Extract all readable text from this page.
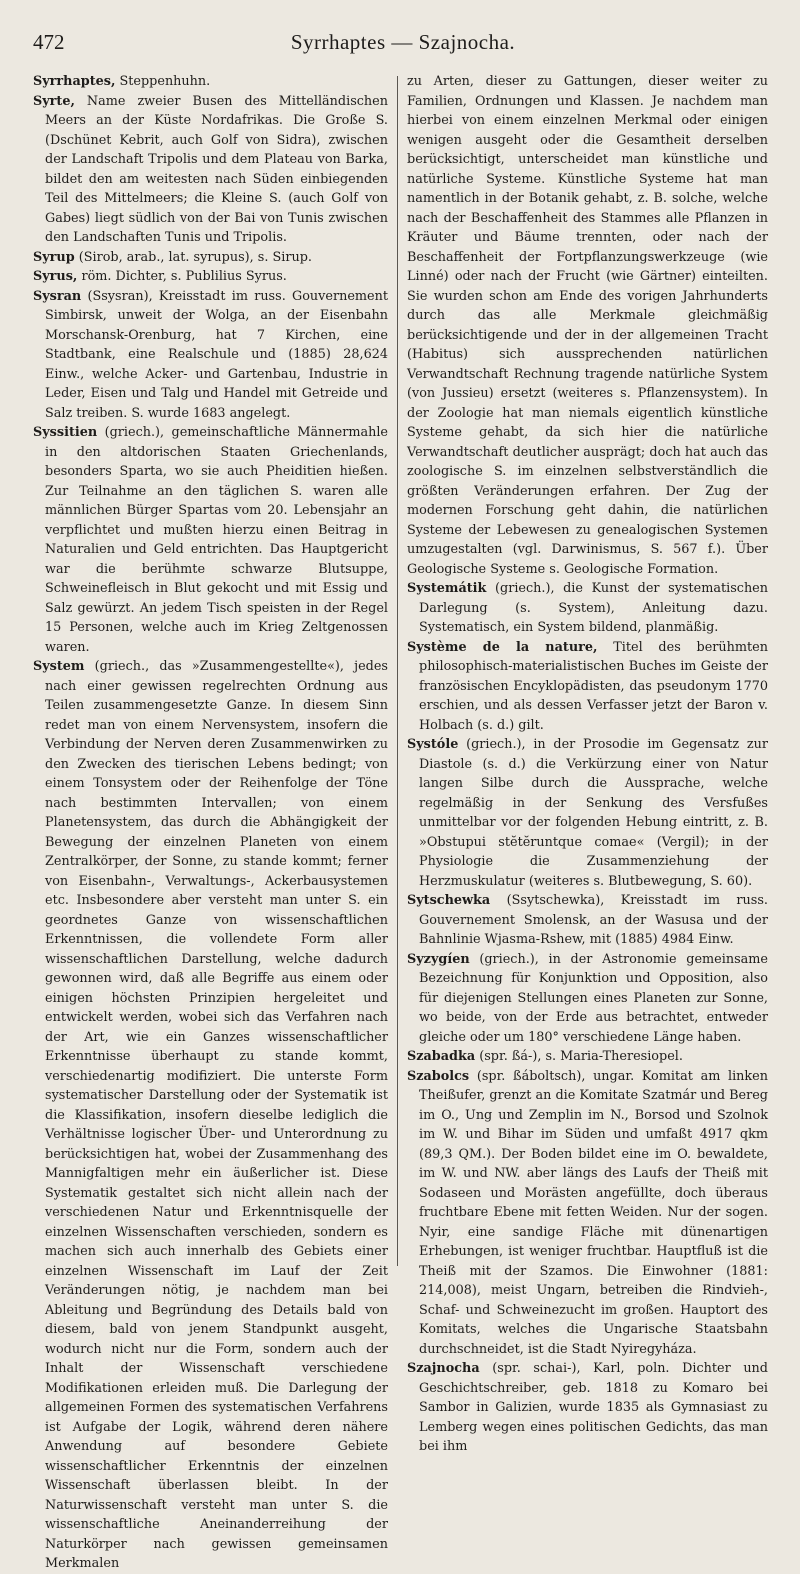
472	Syrrhaptes — Szajnocha.

Syrrhaptes, Steppenhuhn.

Syrte, Name zweier Busen des Mittelländischen Meers an der Küste Nordafrikas. Die Große S. (Dschünet Kebrit, auch Golf von Sidra), zwischen der Landschaft Tripolis und dem Plateau von Barka, bildet den am weitesten nach Süden einbiegenden Teil des Mittelmeers; die Kleine S. (auch Golf von Gabes) liegt südlich von der Bai von Tunis zwischen den Landschaften Tunis und Tripolis.

Syrup (Sirob, arab., lat. syrupus), s. Sirup.

Syrus, röm. Dichter, s. Publilius Syrus.

Sysran (Ssysran), Kreisstadt im russ. Gouvernement Simbirsk, unweit der Wolga, an der Eisenbahn Morschansk-Orenburg, hat 7 Kirchen, eine Stadtbank, eine Realschule und (1885) 28,624 Einw., welche Acker- und Gartenbau, Industrie in Leder, Eisen und Talg und Handel mit Getreide und Salz treiben. S. wurde 1683 angelegt.

Syssitien (griech.), gemeinschaftliche Männermahle in den altdorischen Staaten Griechenlands, besonders Sparta, wo sie auch Pheiditien hießen. Zur Teilnahme an den täglichen S. waren alle männlichen Bürger Spartas vom 20. Lebensjahr an verpflichtet und mußten hierzu einen Beitrag in Naturalien und Geld entrichten. Das Hauptgericht war die berühmte schwarze Blutsuppe, Schweinefleisch in Blut gekocht und mit Essig und Salz gewürzt. An jedem Tisch speisten in der Regel 15 Personen, welche auch im Krieg Zeltgenossen waren.

System (griech., das »Zusammengestellte«), jedes nach einer gewissen regelrechten Ordnung aus Teilen zusammengesetzte Ganze. In diesem Sinn redet man von einem Nervensystem, insofern die Verbindung der Nerven deren Zusammenwirken zu den Zwecken des tierischen Lebens bedingt; von einem Tonsystem oder der Reihenfolge der Töne nach bestimmten Intervallen; von einem Planetensystem, das durch die Abhängigkeit der Bewegung der einzelnen Planeten von einem Zentralkörper, der Sonne, zu stande kommt; ferner von Eisenbahn-, Verwaltungs-, Ackerbausystemen etc. Insbesondere aber versteht man unter S. ein geordnetes Ganze von wissenschaftlichen Erkenntnissen, die vollendete Form aller wissenschaftlichen Darstellung, welche dadurch gewonnen wird, daß alle Begriffe aus einem oder einigen höchsten Prinzipien hergeleitet und entwickelt werden, wobei sich das Verfahren nach der Art, wie ein Ganzes wissenschaftlicher Erkenntnisse überhaupt zu stande kommt, verschiedenartig modifiziert. Die unterste Form systematischer Darstellung oder der Systematik ist die Klassifikation, insofern dieselbe lediglich die Verhältnisse logischer Über- und Unterordnung zu berücksichtigen hat, wobei der Zusammenhang des Mannigfaltigen mehr ein äußerlicher ist. Diese Systematik gestaltet sich nicht allein nach der verschiedenen Natur und Erkenntnisquelle der einzelnen Wissenschaften verschieden, sondern es machen sich auch innerhalb des Gebiets einer einzelnen Wissenschaft im Lauf der Zeit Veränderungen nötig, je nachdem man bei Ableitung und Begründung des Details bald von diesem, bald von jenem Standpunkt ausgeht, wodurch nicht nur die Form, sondern auch der Inhalt der Wissenschaft verschiedene Modifikationen erleiden muß. Die Darlegung der allgemeinen Formen des systematischen Verfahrens ist Aufgabe der Logik, während deren nähere Anwendung auf besondere Gebiete wissenschaftlicher Erkenntnis der einzelnen Wissenschaft überlassen bleibt. In der Naturwissenschaft versteht man unter S. die wissenschaftliche Aneinanderreihung der Naturkörper nach gewissen gemeinsamen Merkmalen

zu Arten, dieser zu Gattungen, dieser weiter zu Familien, Ordnungen und Klassen. Je nachdem man hierbei von einem einzelnen Merkmal oder einigen wenigen ausgeht oder die Gesamtheit derselben berücksichtigt, unterscheidet man künstliche und natürliche Systeme. Künstliche Systeme hat man namentlich in der Botanik gehabt, z. B. solche, welche nach der Beschaffenheit des Stammes alle Pflanzen in Kräuter und Bäume trennten, oder nach der Beschaffenheit der Fortpflanzungswerkzeuge (wie Linné) oder nach der Frucht (wie Gärtner) einteilten. Sie wurden schon am Ende des vorigen Jahrhunderts durch das alle Merkmale gleichmäßig berücksichtigende und der in der allgemeinen Tracht (Habitus) sich aussprechenden natürlichen Verwandtschaft Rechnung tragende natürliche System (von Jussieu) ersetzt (weiteres s. Pflanzensystem). In der Zoologie hat man niemals eigentlich künstliche Systeme gehabt, da sich hier die natürliche Verwandtschaft deutlicher ausprägt; doch hat auch das zoologische S. im einzelnen selbstverständlich die größten Veränderungen erfahren. Der Zug der modernen Forschung geht dahin, die natürlichen Systeme der Lebewesen zu genealogischen Systemen umzugestalten (vgl. Darwinismus, S. 567 f.). Über Geologische Systeme s. Geologische Formation.

Systemátik (griech.), die Kunst der systematischen Darlegung (s. System), Anleitung dazu. Systematisch, ein System bildend, planmäßig.

Système de la nature, Titel des berühmten philosophisch-materialistischen Buches im Geiste der französischen Encyklopädisten, das pseudonym 1770 erschien, und als dessen Verfasser jetzt der Baron v. Holbach (s. d.) gilt.

Systóle (griech.), in der Prosodie im Gegensatz zur Diastole (s. d.) die Verkürzung einer von Natur langen Silbe durch die Aussprache, welche regelmäßig in der Senkung des Versfußes unmittelbar vor der folgenden Hebung eintritt, z. B. »Obstupui stĕtĕruntque comae« (Vergil); in der Physiologie die Zusammenziehung der Herzmuskulatur (weiteres s. Blutbewegung, S. 60).

Sytschewka (Ssytschewka), Kreisstadt im russ. Gouvernement Smolensk, an der Wasusa und der Bahnlinie Wjasma-Rshew, mit (1885) 4984 Einw.

Syzygíen (griech.), in der Astronomie gemeinsame Bezeichnung für Konjunktion und Opposition, also für diejenigen Stellungen eines Planeten zur Sonne, wo beide, von der Erde aus betrachtet, entweder gleiche oder um 180° verschiedene Länge haben.

Szabadka (spr. ßá-), s. Maria-Theresiopel.

Szabolcs (spr. ßáboltsch), ungar. Komitat am linken Theißufer, grenzt an die Komitate Szatmár und Bereg im O., Ung und Zemplin im N., Borsod und Szolnok im W. und Bihar im Süden und umfaßt 4917 qkm (89,3 QM.). Der Boden bildet eine im O. bewaldete, im W. und NW. aber längs des Laufs der Theiß mit Sodaseen und Morästen angefüllte, doch überaus fruchtbare Ebene mit fetten Weiden. Nur der sogen. Nyir, eine sandige Fläche mit dünenartigen Erhebungen, ist weniger fruchtbar. Hauptfluß ist die Theiß mit der Szamos. Die Einwohner (1881: 214,008), meist Ungarn, betreiben die Rindvieh-, Schaf- und Schweinezucht im großen. Hauptort des Komitats, welches die Ungarische Staatsbahn durchschneidet, ist die Stadt Nyiregyháza.

Szajnocha (spr. schai-), Karl, poln. Dichter und Geschichtschreiber, geb. 1818 zu Komaro bei Sambor in Galizien, wurde 1835 als Gymnasiast zu Lemberg wegen eines politischen Gedichts, das man bei ihm
